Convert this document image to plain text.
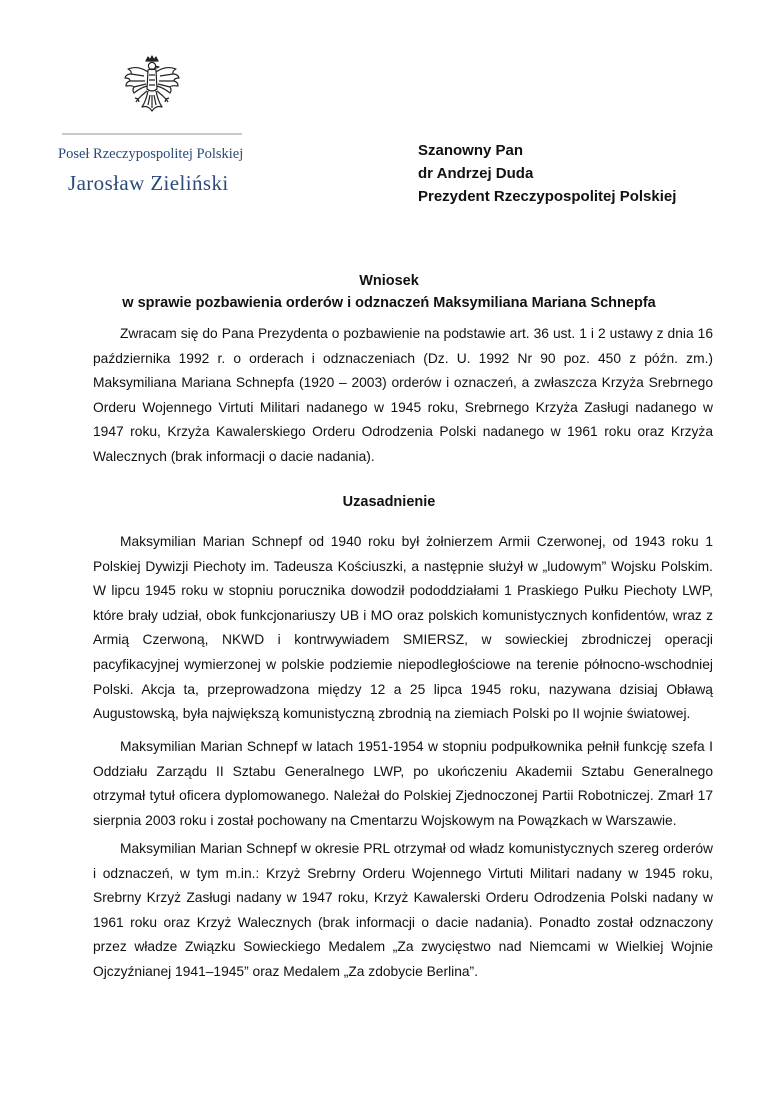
Poseł Rzeczypospolitej Polskiej
Jarosław Zieliński
Szanowny Pan
dr Andrzej Duda
Prezydent Rzeczypospolitej Polskiej
Wniosek
w sprawie pozbawienia orderów i odznaczeń Maksymiliana Mariana Schnepfa
Zwracam się do Pana Prezydenta o pozbawienie na podstawie art. 36 ust. 1 i 2 ustawy z dnia 16 października 1992 r. o orderach i odznaczeniach (Dz. U. 1992 Nr 90 poz. 450 z późn. zm.) Maksymiliana Mariana Schnepfa (1920 – 2003) orderów i oznaczeń, a zwłaszcza Krzyża Srebrnego Orderu Wojennego Virtuti Militari nadanego w 1945 roku, Srebrnego Krzyża Zasługi nadanego w 1947 roku, Krzyża Kawalerskiego Orderu Odrodzenia Polski nadanego w 1961 roku oraz Krzyża Walecznych (brak informacji o dacie nadania).
Uzasadnienie
Maksymilian Marian Schnepf od 1940 roku był żołnierzem Armii Czerwonej, od 1943 roku 1 Polskiej Dywizji Piechoty im. Tadeusza Kościuszki, a następnie służył w „ludowym” Wojsku Polskim. W lipcu 1945 roku w stopniu porucznika dowodził pododdziałami 1 Praskiego Pułku Piechoty LWP, które brały udział, obok funkcjonariuszy UB i MO oraz polskich komunistycznych konfidentów, wraz z Armią Czerwoną, NKWD i kontrwywiadem SMIERSZ, w sowieckiej zbrodniczej operacji pacyfikacyjnej wymierzonej w polskie podziemie niepodległościowe na terenie północno-wschodniej Polski. Akcja ta, przeprowadzona między 12 a 25 lipca 1945 roku, nazywana dzisiaj Obławą Augustowską, była największą komunistyczną zbrodnią na ziemiach Polski po II wojnie światowej.
Maksymilian Marian Schnepf w latach 1951-1954 w stopniu podpułkownika pełnił funkcję szefa I Oddziału Zarządu II Sztabu Generalnego LWP, po ukończeniu Akademii Sztabu Generalnego otrzymał tytuł oficera dyplomowanego. Należał do Polskiej Zjednoczonej Partii Robotniczej. Zmarł 17 sierpnia 2003 roku i został pochowany na Cmentarzu Wojskowym na Powązkach w Warszawie.
Maksymilian Marian Schnepf w okresie PRL otrzymał od władz komunistycznych szereg orderów i odznaczeń, w tym m.in.: Krzyż Srebrny Orderu Wojennego Virtuti Militari nadany w 1945 roku, Srebrny Krzyż Zasługi nadany w 1947 roku, Krzyż Kawalerski Orderu Odrodzenia Polski nadany w 1961 roku oraz Krzyż Walecznych (brak informacji o dacie nadania). Ponadto został odznaczony przez władze Związku Sowieckiego Medalem „Za zwycięstwo nad Niemcami w Wielkiej Wojnie Ojczyźnianej 1941–1945” oraz Medalem „Za zdobycie Berlina”.
